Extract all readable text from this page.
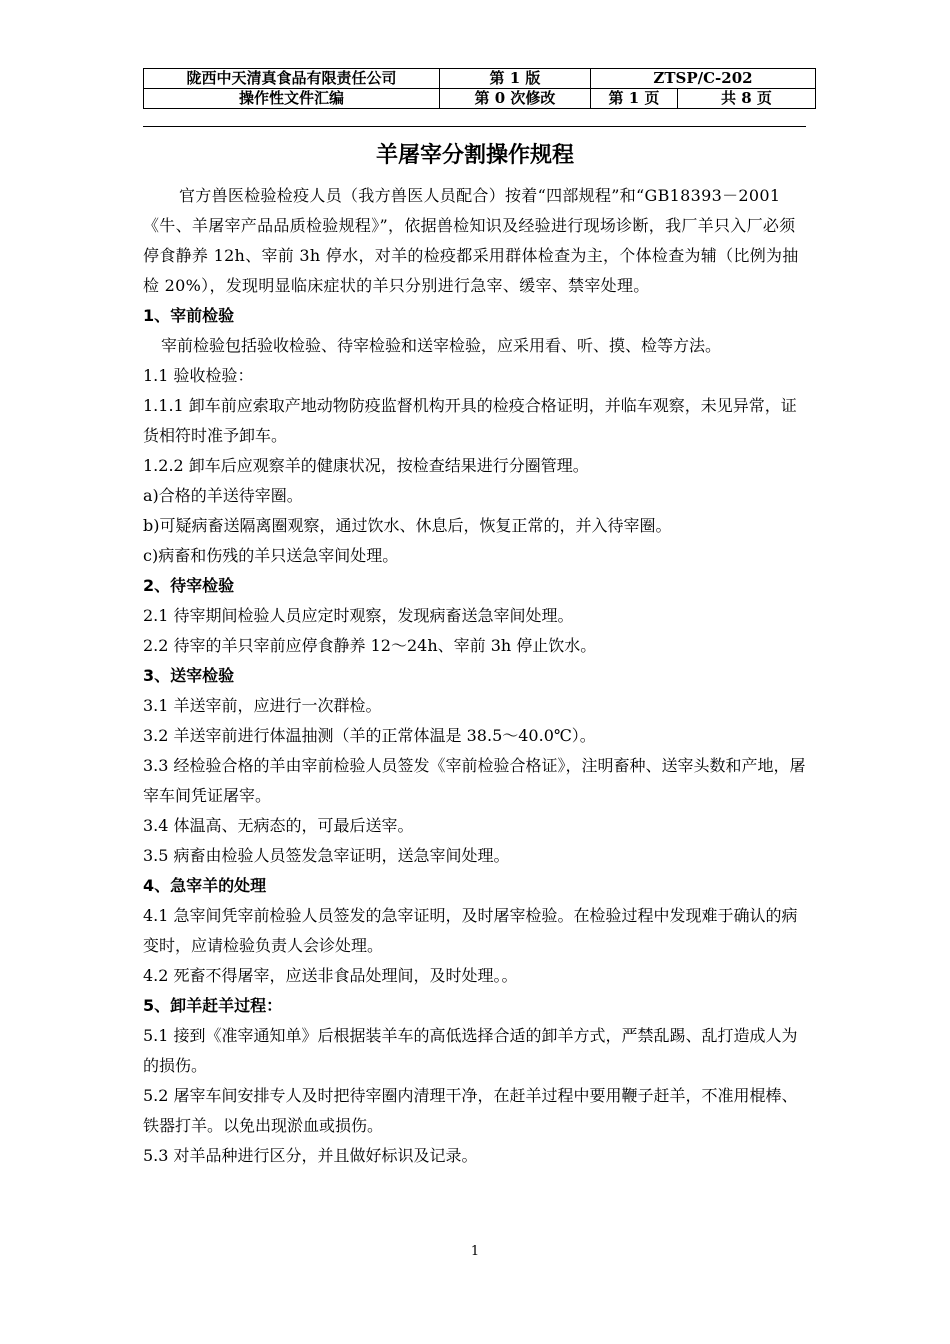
陇西中天清真食品有限责任公司	第 1 版	ZTSP/C-202	
操作性文件汇编	第 0 次修改	第 1 页	共 8 页
羊屠宰分割操作规程

官方兽医检验检疫人员（我方兽医人员配合）按着“四部规程”和“GB18393－2001《牛、羊屠宰产品品质检验规程》”，依据兽检知识及经验进行现场诊断，我厂羊只入厂必须停食静养 12h、宰前 3h 停水，对羊的检疫都采用群体检查为主，个体检查为辅（比例为抽检 20%），发现明显临床症状的羊只分别进行急宰、缓宰、禁宰处理。

1、宰前检验

宰前检验包括验收检验、待宰检验和送宰检验，应采用看、听、摸、检等方法。

1.1 验收检验：

1.1.1 卸车前应索取产地动物防疫监督机构开具的检疫合格证明，并临车观察，未见异常，证货相符时准予卸车。

1.2.2 卸车后应观察羊的健康状况，按检查结果进行分圈管理。

a)合格的羊送待宰圈。

b)可疑病畜送隔离圈观察，通过饮水、休息后，恢复正常的，并入待宰圈。

c)病畜和伤残的羊只送急宰间处理。

2、待宰检验

2.1 待宰期间检验人员应定时观察，发现病畜送急宰间处理。

2.2 待宰的羊只宰前应停食静养 12～24h、宰前 3h 停止饮水。

3、送宰检验

3.1 羊送宰前，应进行一次群检。

3.2 羊送宰前进行体温抽测（羊的正常体温是 38.5～40.0℃）。

3.3 经检验合格的羊由宰前检验人员签发《宰前检验合格证》，注明畜种、送宰头数和产地，屠宰车间凭证屠宰。

3.4 体温高、无病态的，可最后送宰。

3.5 病畜由检验人员签发急宰证明，送急宰间处理。

4、急宰羊的处理

4.1 急宰间凭宰前检验人员签发的急宰证明，及时屠宰检验。在检验过程中发现难于确认的病变时，应请检验负责人会诊处理。

4.2 死畜不得屠宰，应送非食品处理间，及时处理。。

5、卸羊赶羊过程：

5.1 接到《准宰通知单》后根据装羊车的高低选择合适的卸羊方式，严禁乱踢、乱打造成人为的损伤。

5.2 屠宰车间安排专人及时把待宰圈内清理干净，在赶羊过程中要用鞭子赶羊，不准用棍棒、铁器打羊。以免出现淤血或损伤。

5.3 对羊品种进行区分，并且做好标识及记录。

1
